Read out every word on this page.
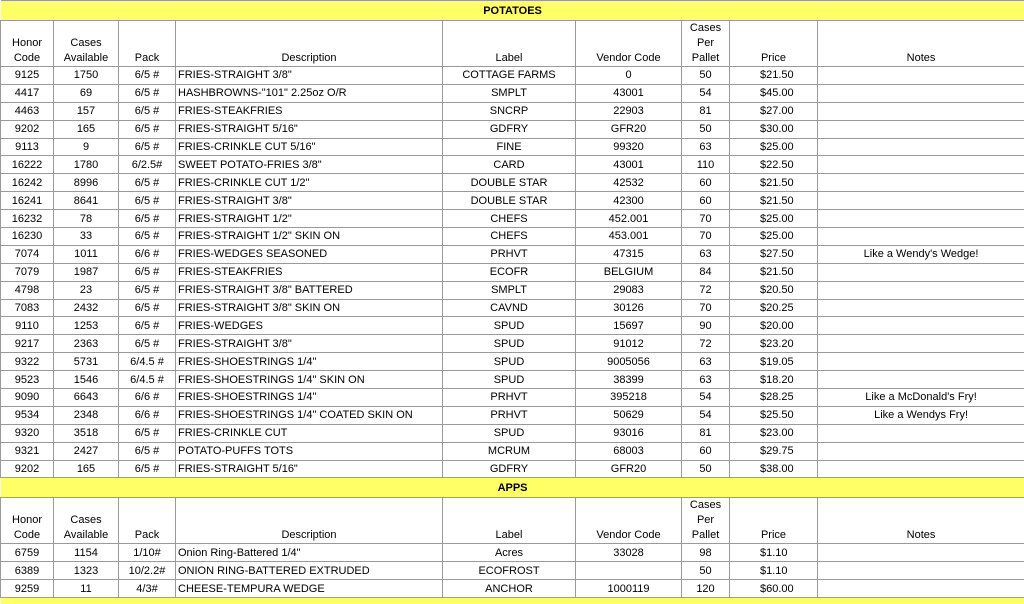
POTATOES								
Honor Code	Cases Available	Pack	Description	Label	Vendor Code	Cases Per Pallet	Price	Notes
9125	1750	6/5 #	FRIES-STRAIGHT 3/8"	COTTAGE FARMS	0	50	$21.50	
4417	69	6/5 #	HASHBROWNS-"101" 2.25oz O/R	SMPLT	43001	54	$45.00	
4463	157	6/5 #	FRIES-STEAKFRIES	SNCRP	22903	81	$27.00	
9202	165	6/5 #	FRIES-STRAIGHT 5/16"	GDFRY	GFR20	50	$30.00	
9113	9	6/5 #	FRIES-CRINKLE CUT 5/16"	FINE	99320	63	$25.00	
16222	1780	6/2.5#	SWEET POTATO-FRIES 3/8"	CARD	43001	110	$22.50	
16242	8996	6/5 #	FRIES-CRINKLE CUT 1/2"	DOUBLE STAR	42532	60	$21.50	
16241	8641	6/5 #	FRIES-STRAIGHT 3/8"	DOUBLE STAR	42300	60	$21.50	
16232	78	6/5 #	FRIES-STRAIGHT 1/2"	CHEFS	452.001	70	$25.00	
16230	33	6/5 #	FRIES-STRAIGHT 1/2" SKIN ON	CHEFS	453.001	70	$25.00	
7074	1011	6/6 #	FRIES-WEDGES SEASONED	PRHVT	47315	63	$27.50	Like a Wendy's Wedge!
7079	1987	6/5 #	FRIES-STEAKFRIES	ECOFR	BELGIUM	84	$21.50	
4798	23	6/5 #	FRIES-STRAIGHT 3/8" BATTERED	SMPLT	29083	72	$20.50	
7083	2432	6/5 #	FRIES-STRAIGHT 3/8" SKIN ON	CAVND	30126	70	$20.25	
9110	1253	6/5 #	FRIES-WEDGES	SPUD	15697	90	$20.00	
9217	2363	6/5 #	FRIES-STRAIGHT 3/8"	SPUD	91012	72	$23.20	
9322	5731	6/4.5 #	FRIES-SHOESTRINGS 1/4"	SPUD	9005056	63	$19.05	
9523	1546	6/4.5 #	FRIES-SHOESTRINGS 1/4" SKIN ON	SPUD	38399	63	$18.20	
9090	6643	6/6 #	FRIES-SHOESTRINGS 1/4"	PRHVT	395218	54	$28.25	Like a McDonald's Fry!
9534	2348	6/6 #	FRIES-SHOESTRINGS 1/4" COATED SKIN ON	PRHVT	50629	54	$25.50	Like a Wendys Fry!
9320	3518	6/5 #	FRIES-CRINKLE CUT	SPUD	93016	81	$23.00	
9321	2427	6/5 #	POTATO-PUFFS TOTS	MCRUM	68003	60	$29.75	
9202	165	6/5 #	FRIES-STRAIGHT 5/16"	GDFRY	GFR20	50	$38.00	
APPS								
Honor Code	Cases Available	Pack	Description	Label	Vendor Code	Cases Per Pallet	Price	Notes
6759	1154	1/10#	Onion Ring-Battered 1/4"	Acres	33028	98	$1.10	
6389	1323	10/2.2#	ONION RING-BATTERED EXTRUDED	ECOFROST		50	$1.10	
9259	11	4/3#	CHEESE-TEMPURA WEDGE	ANCHOR	1000119	120	$60.00	
